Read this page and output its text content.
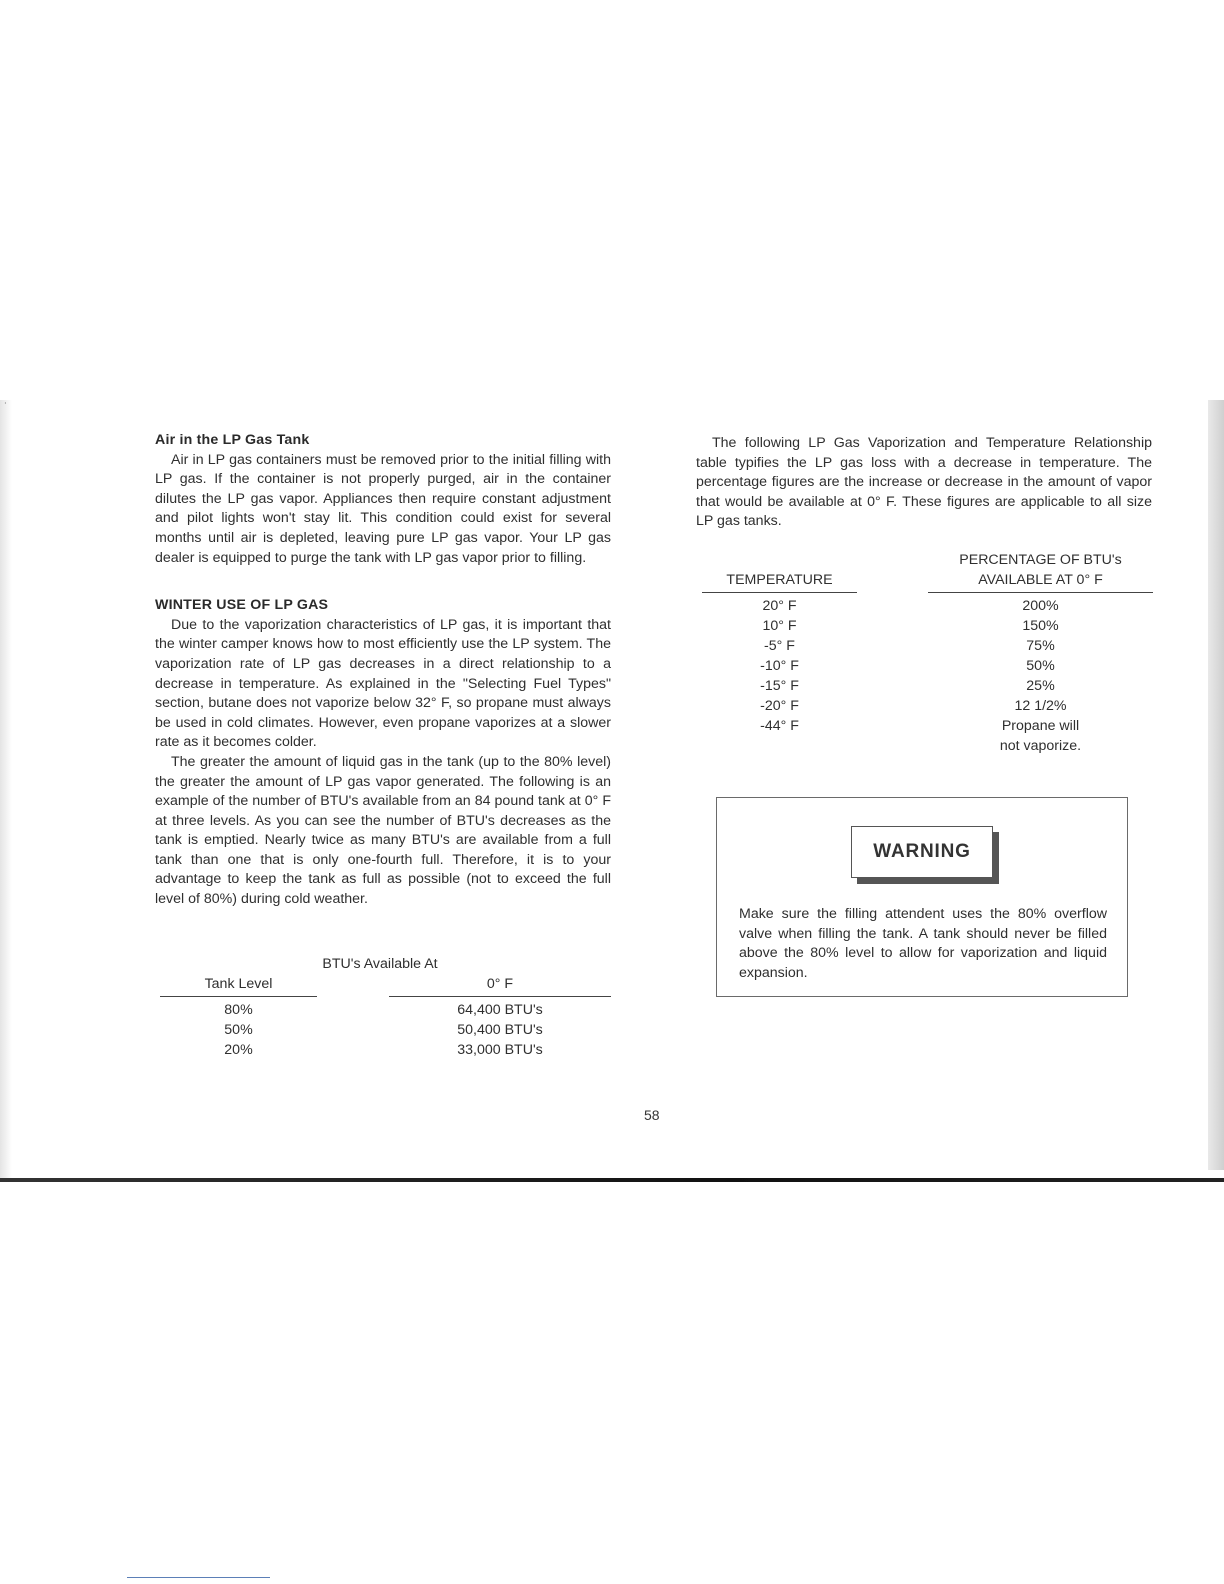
˙
Air in the LP Gas Tank

Air in LP gas containers must be removed prior to the initial filling with LP gas. If the container is not properly purged, air in the container dilutes the LP gas vapor. Appliances then require constant adjustment and pilot lights won't stay lit. This condition could exist for several months until air is depleted, leaving pure LP gas vapor. Your LP gas dealer is equipped to purge the tank with LP gas vapor prior to filling.

WINTER USE OF LP GAS

Due to the vaporization characteristics of LP gas, it is important that the winter camper knows how to most efficiently use the LP system. The vaporization rate of LP gas decreases in a direct relationship to a decrease in temperature. As explained in the "Selecting Fuel Types" section, butane does not vaporize below 32° F, so propane must always be used in cold climates. However, even propane vaporizes at a slower rate as it becomes colder.

The greater the amount of liquid gas in the tank (up to the 80% level) the greater the amount of LP gas vapor generated. The following is an example of the number of BTU's available from an 84 pound tank at 0° F at three levels. As you can see the number of BTU's decreases as the tank is emptied. Nearly twice as many BTU's are available from a full tank than one that is only one-fourth full. Therefore, it is to your advantage to keep the tank as full as possible (not to exceed the full level of 80%) during cold weather.

BTU's Available At
Tank Level	0° F
80%	64,400 BTU's
50%	50,400 BTU's
20%	33,000 BTU's

The following LP Gas Vaporization and Temperature Relationship table typifies the LP gas loss with a decrease in temperature. The percentage figures are the increase or decrease in the amount of vapor that would be available at 0° F. These figures are applicable to all size LP gas tanks.

PERCENTAGE OF BTU's
TEMPERATURE	AVAILABLE AT 0° F
20° F	200%
10° F	150%
-5° F	75%
-10° F	50%
-15° F	25%
-20° F	12 1/2%
-44° F	Propane will
not vaporize.
WARNING
Make sure the filling attendent uses the 80% overflow valve when filling the tank. A tank should never be filled above the 80% level to allow for vaporization and liquid expansion.
58
